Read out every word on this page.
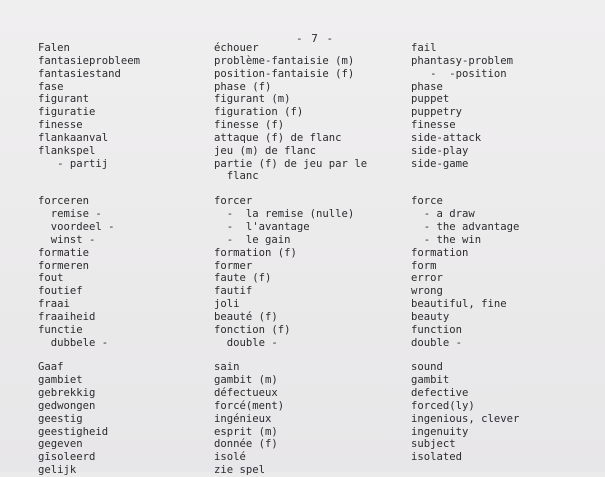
- 7 -
Falen
fantasieprobleem
fantasiestand
fase
figurant
figuratie
finesse
flankaanval
flankspel
- partij
forceren
remise -
voordeel -
winst -
formatie
formeren
fout
foutief
fraai
fraaiheid
functie
dubbele -
Gaaf
gambiet
gebrekkig
gedwongen
geestig
geestigheid
gegeven
gīsoleerd
gelijk
échouer
problème-fantaisie (m)
position-fantaisie (f)
phase (f)
figurant (m)
figuration (f)
finesse (f)
attaque (f) de flanc
jeu (m) de flanc
partie (f) de jeu par le
flanc
forcer
-  la remise (nulle)
-  l'avantage
-  le gain
formation (f)
former
faute (f)
fautif
joli
beauté (f)
fonction (f)
double -
sain
gambit (m)
défectueux
forcé(ment)
ingénieux
esprit (m)
donnée (f)
isolé
zie spel
fail
phantasy-problem
-  -position
phase
puppet
puppetry
finesse
side-attack
side-play
side-game
force
- a draw
- the advantage
- the win
formation
form
error
wrong
beautiful, fine
beauty
function
double -
sound
gambit
defective
forced(ly)
ingenious, clever
ingenuity
subject
isolated
